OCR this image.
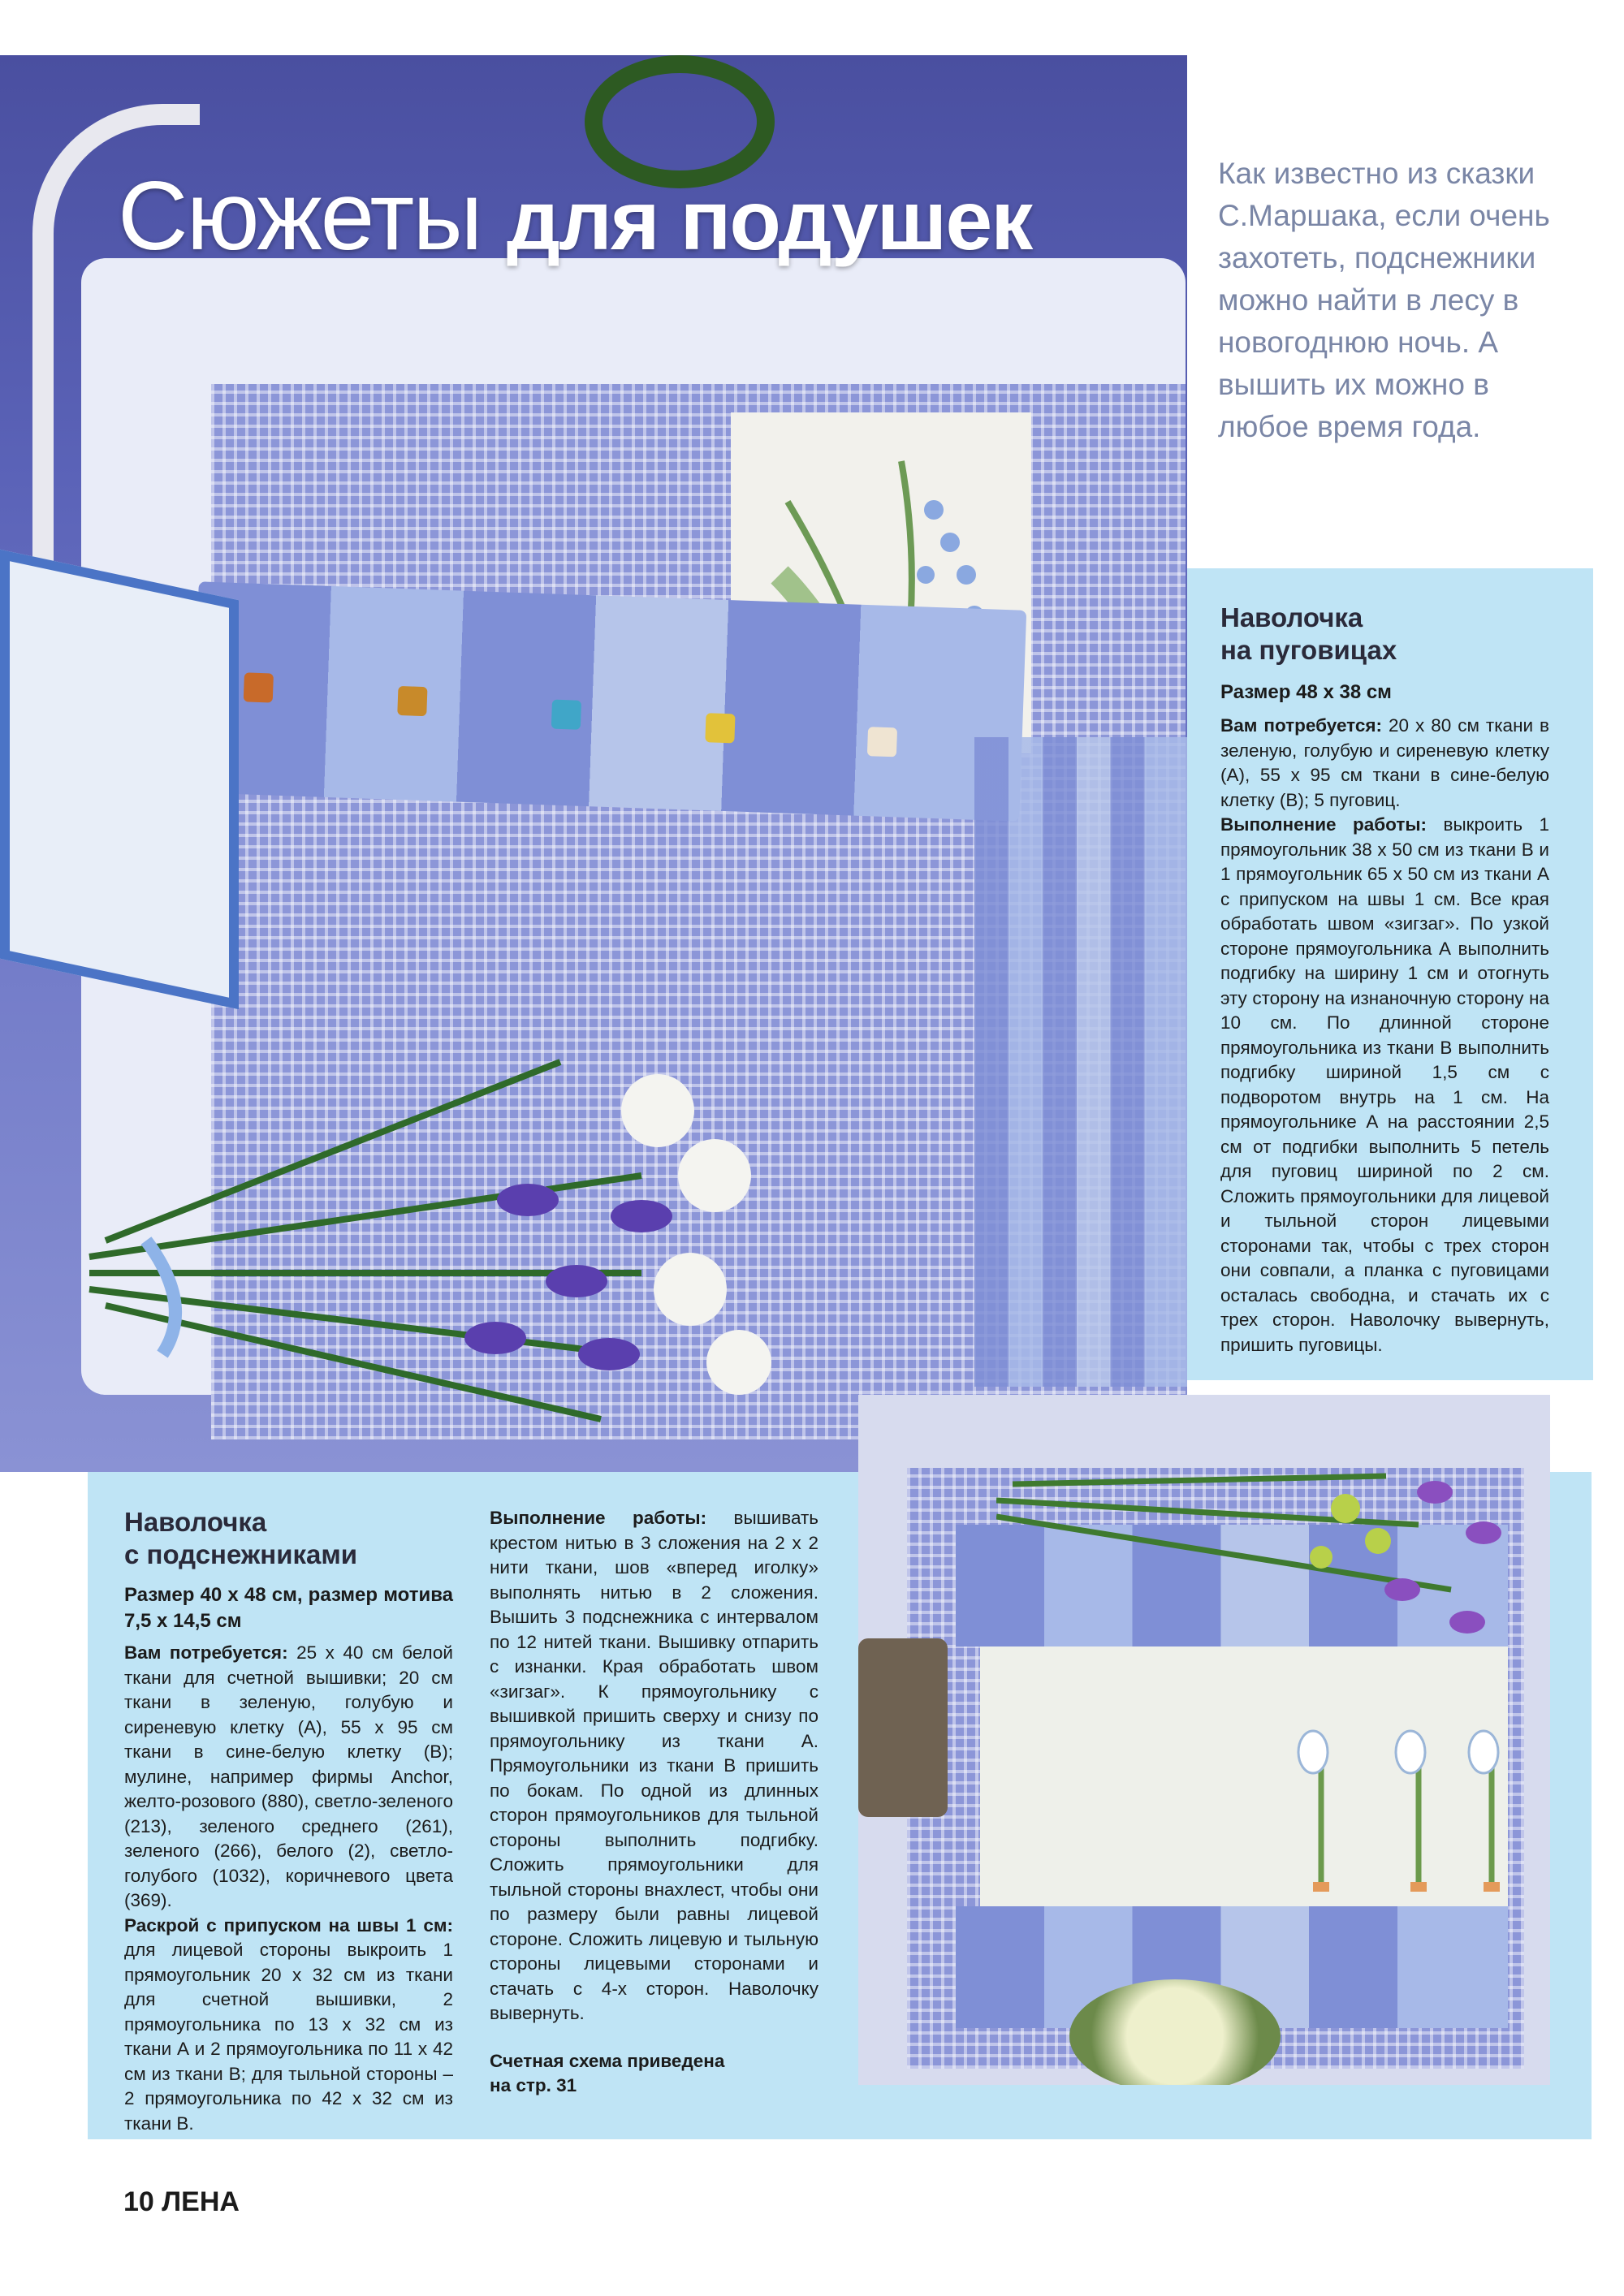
Сюжеты для подушек
Как известно из сказки С.Маршака, если очень захотеть, подснежники можно найти в лесу в новогоднюю ночь. А вышить их можно в любое время года.
Наволочка
на пуговицах
Размер 48 х 38 см
Вам потребуется: 20 х 80 см ткани в зеленую, голубую и сиреневую клетку (А), 55 х 95 см ткани в сине-белую клетку (В); 5 пуговиц.
Выполнение работы: выкроить 1 прямоугольник 38 х 50 см из ткани В и 1 прямоугольник 65 х 50 см из ткани А с припуском на швы 1 см. Все края обработать швом «зигзаг». По узкой стороне прямоугольника А выполнить подгибку на ширину 1 см и отогнуть эту сторону на изнаночную сторону на 10 см. По длинной стороне прямоугольника из ткани В выполнить подгибку шириной 1,5 см с подворотом внутрь на 1 см. На прямоугольнике А на расстоянии 2,5 см от подгибки выполнить 5 петель для пуговиц шириной по 2 см. Сложить прямоугольники для лицевой и тыльной сторон лицевыми сторонами так, чтобы с трех сторон они совпали, а планка с пуговицами осталась свободна, и стачать их с трех сторон. Наволочку вывернуть, пришить пуговицы.
Наволочка
с подснежниками
Размер 40 х 48 см, размер мотива 7,5 х 14,5 см
Вам потребуется: 25 х 40 см белой ткани для счетной вышивки; 20 см ткани в зеленую, голубую и сиреневую клетку (А), 55 х 95 см ткани в сине-белую клетку (В); мулине, например фирмы Anchor, желто-розового (880), светло-зеленого (213), зеленого среднего (261), зеленого (266), белого (2), светло-голубого (1032), коричневого цвета (369).
Раскрой с припуском на швы 1 см: для лицевой стороны выкроить 1 прямоугольник 20 х 32 см из ткани для счетной вышивки, 2 прямоугольника по 13 х 32 см из ткани А и 2 прямоугольника по 11 х 42 см из ткани В; для тыльной стороны – 2 прямоугольника по 42 х 32 см из ткани В.
Выполнение работы: вышивать крестом нитью в 3 сложения на 2 х 2 нити ткани, шов «вперед иголку» выполнять нитью в 2 сложения. Вышить 3 подснежника с интервалом по 12 нитей ткани. Вышивку отпарить с изнанки. Края обработать швом «зигзаг». К прямоугольнику с вышивкой пришить сверху и снизу по прямоугольнику из ткани А. Прямоугольники из ткани В пришить по бокам. По одной из длинных сторон прямоугольников для тыльной стороны выполнить подгибку. Сложить прямоугольники для тыльной стороны внахлест, чтобы они по размеру были равны лицевой стороне. Сложить лицевую и тыльную стороны лицевыми сторонами и стачать с 4-х сторон. Наволочку вывернуть.
Счетная схема приведена
на стр. 31
10 ЛЕНА
